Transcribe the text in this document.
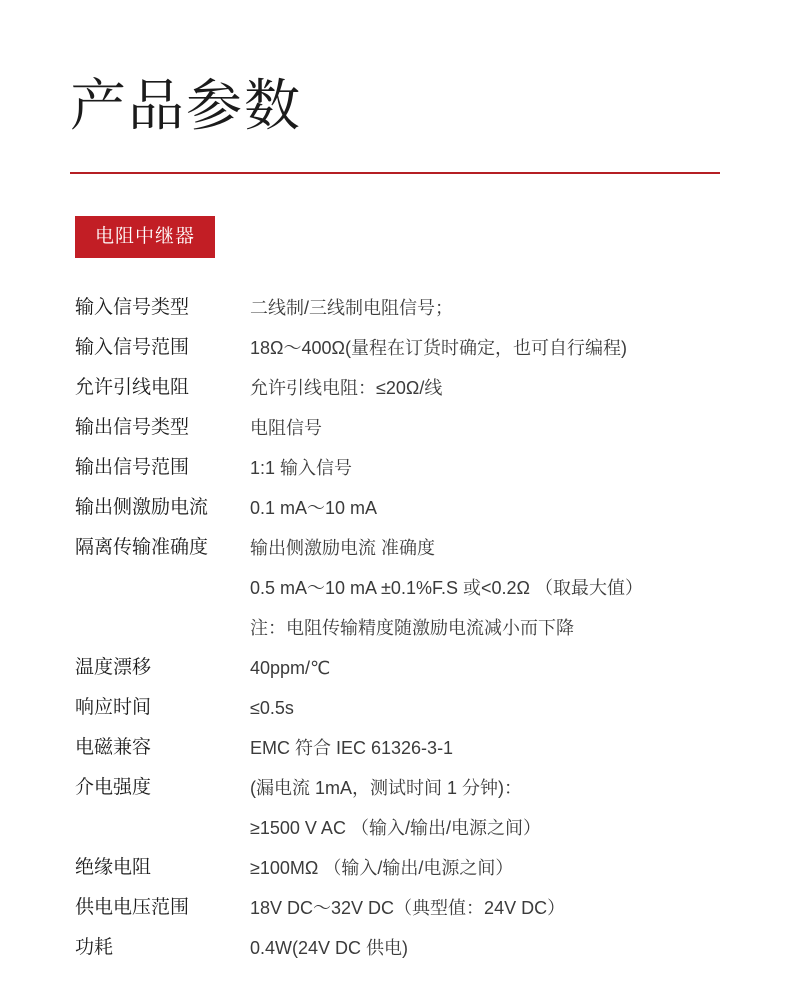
产品参数
电阻中继器
输入信号类型	二线制/三线制电阻信号；

输入信号范围	18Ω～400Ω(量程在订货时确定，也可自行编程)

允许引线电阻	允许引线电阻：≤20Ω/线

输出信号类型	电阻信号

输出信号范围	1:1 输入信号

输出侧激励电流	0.1 mA～10 mA

隔离传输准确度	输出侧激励电流 准确度
0.5 mA～10 mA ±0.1%F.S 或<0.2Ω （取最大值）
注：电阻传输精度随激励电流减小而下降

温度漂移	40ppm/℃

响应时间	≤0.5s

电磁兼容	EMC 符合 IEC 61326-3-1

介电强度	(漏电流 1mA，测试时间 1 分钟)：
≥1500 V AC （输入/输出/电源之间）

绝缘电阻	≥100MΩ （输入/输出/电源之间）

供电电压范围	18V DC～32V DC（典型值：24V DC）

功耗	0.4W(24V DC 供电)
